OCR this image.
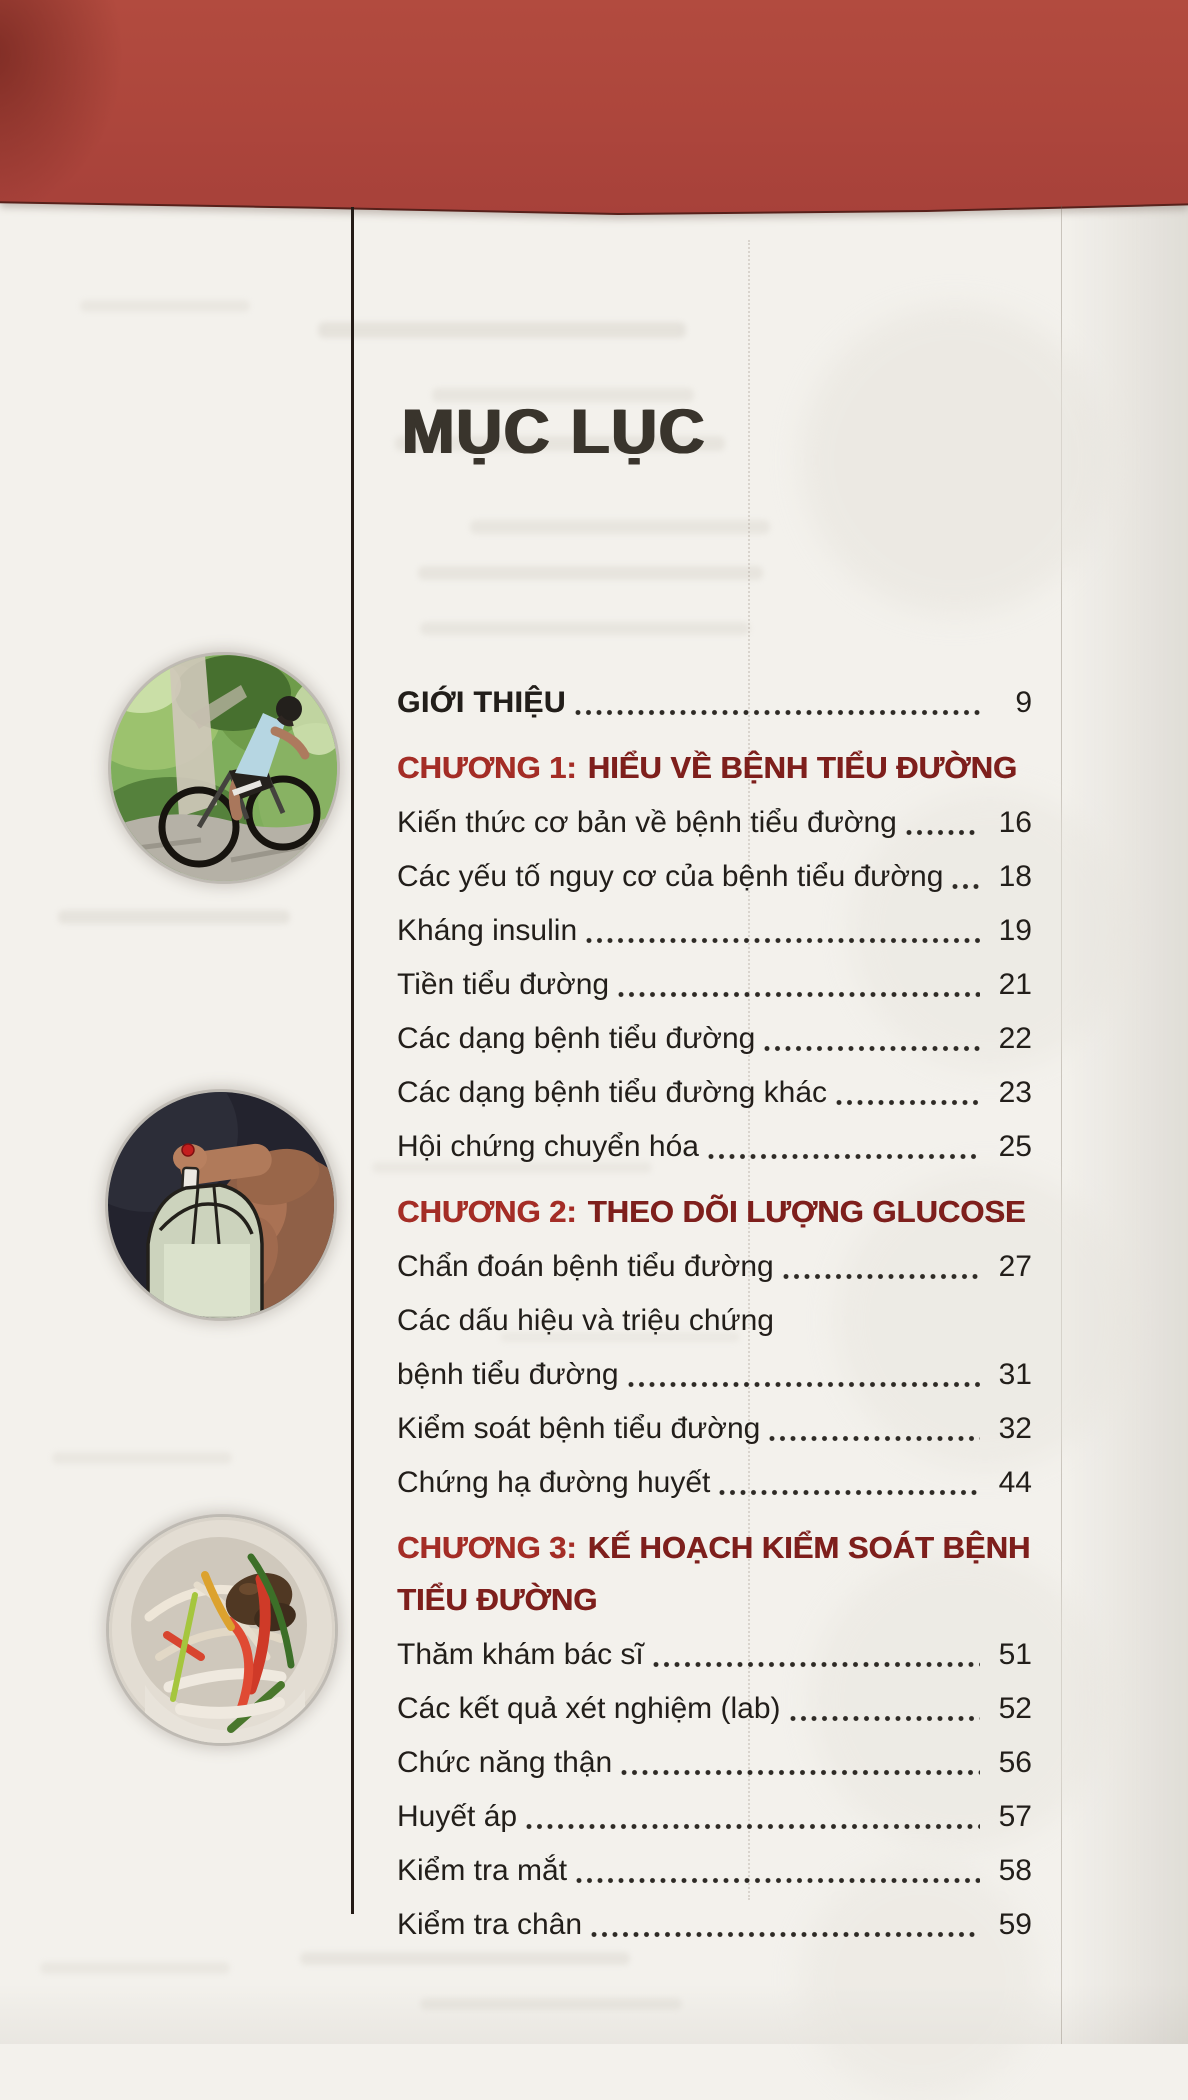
MỤC LỤC
GIỚI THIỆU	9
CHƯƠNG 1: HIỂU VỀ BỆNH TIỂU ĐƯỜNG
Kiến thức cơ bản về bệnh tiểu đường	16
Các yếu tố nguy cơ của bệnh tiểu đường	18
Kháng insulin	19
Tiền tiểu đường	21
Các dạng bệnh tiểu đường	22
Các dạng bệnh tiểu đường khác	23
Hội chứng chuyển hóa	25
CHƯƠNG 2: THEO DÕI LƯỢNG GLUCOSE
Chẩn đoán bệnh tiểu đường	27
Các dấu hiệu và triệu chứng
bệnh tiểu đường	31
Kiểm soát bệnh tiểu đường	32
Chứng hạ đường huyết	44
CHƯƠNG 3: KẾ HOẠCH KIỂM SOÁT BỆNH
TIỂU ĐƯỜNG
Thăm khám bác sĩ	51
Các kết quả xét nghiệm (lab)	52
Chức năng thận	56
Huyết áp	57
Kiểm tra mắt	58
Kiểm tra chân	59
